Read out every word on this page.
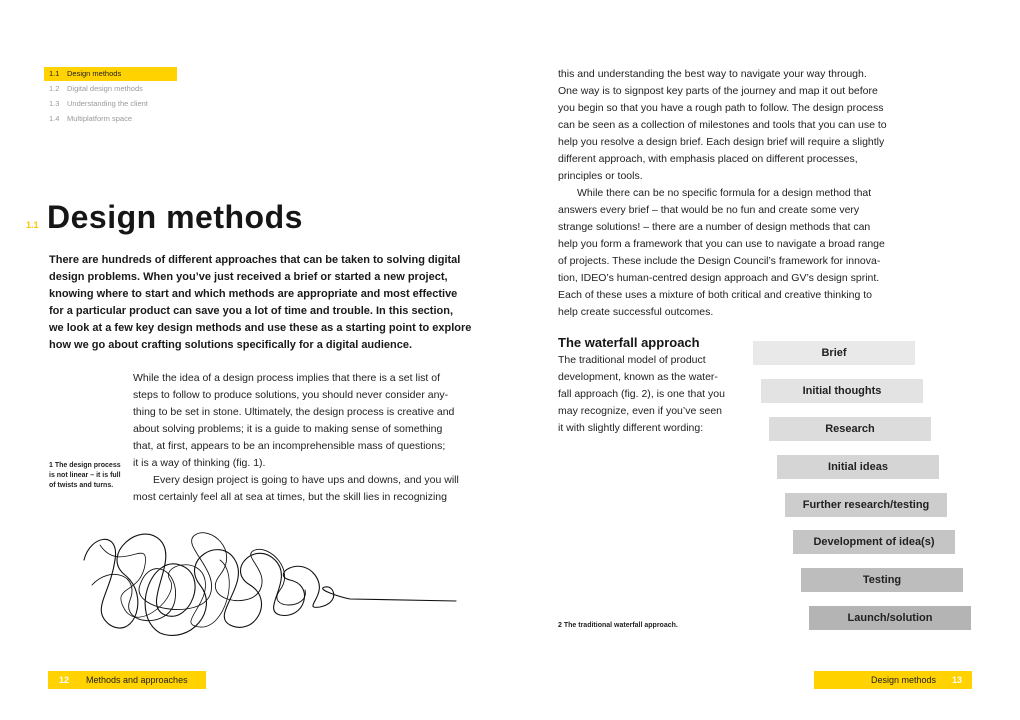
1.1 Design methods
1.2 Digital design methods
1.3 Understanding the client
1.4 Multiplatform space
1.1 Design methods
There are hundreds of different approaches that can be taken to solving digital
design problems. When you’ve just received a brief or started a new project,
knowing where to start and which methods are appropriate and most effective
for a particular product can save you a lot of time and trouble. In this section,
we look at a few key design methods and use these as a starting point to explore
how we go about crafting solutions specifically for a digital audience.
While the idea of a design process implies that there is a set list of
steps to follow to produce solutions, you should never consider any-
thing to be set in stone. Ultimately, the design process is creative and
about solving problems; it is a guide to making sense of something
that, at first, appears to be an incomprehensible mass of questions;
it is a way of thinking (fig. 1).
Every design project is going to have ups and downs, and you will
most certainly feel all at sea at times, but the skill lies in recognizing
1 The design process is not linear – it is full of twists and turns.
this and understanding the best way to navigate your way through.
One way is to signpost key parts of the journey and map it out before
you begin so that you have a rough path to follow. The design process
can be seen as a collection of milestones and tools that you can use to
help you resolve a design brief. Each design brief will require a slightly
different approach, with emphasis placed on different processes,
principles or tools.
While there can be no specific formula for a design method that
answers every brief – that would be no fun and create some very
strange solutions! – there are a number of design methods that can
help you form a framework that you can use to navigate a broad range
of projects. These include the Design Council’s framework for innova-
tion, IDEO’s human-centred design approach and GV’s design sprint.
Each of these uses a mixture of both critical and creative thinking to
help create successful outcomes.
The waterfall approach
The traditional model of product
development, known as the water-
fall approach (fig. 2), is one that you
may recognize, even if you’ve seen
it with slightly different wording:
Brief
Initial thoughts
Research
Initial ideas
Further research/testing
Development of idea(s)
Testing
Launch/solution
2 The traditional waterfall approach.
12 Methods and approaches	Design methods 13
